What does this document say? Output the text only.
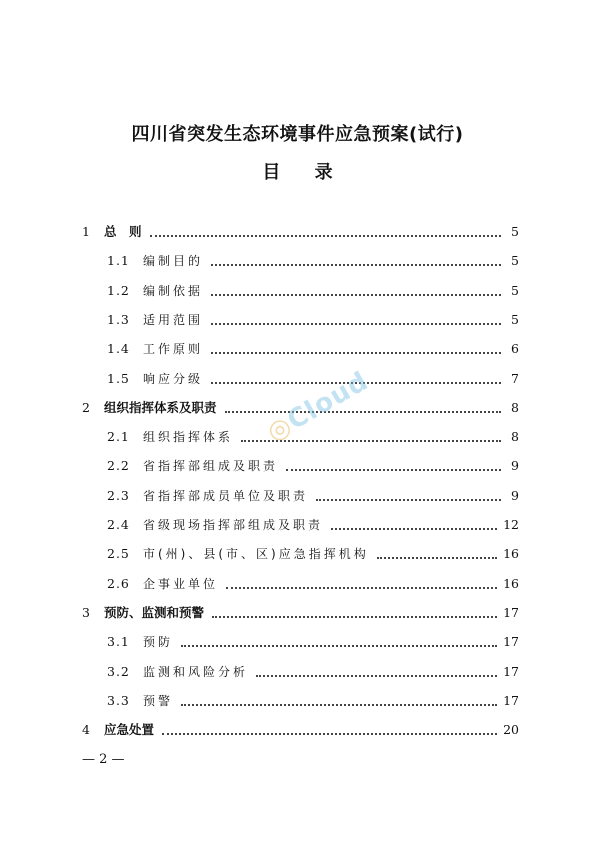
四川省突发生态环境事件应急预案(试行)
目 录
1	总　则	5
1.1	编制目的	5
1.2	编制依据	5
1.3	适用范围	5
1.4	工作原则	6
1.5	响应分级	7
2	组织指挥体系及职责	8
2.1	组织指挥体系	8
2.2	省指挥部组成及职责	9
2.3	省指挥部成员单位及职责	9
2.4	省级现场指挥部组成及职责	12
2.5	市(州)、县(市、区)应急指挥机构	16
2.6	企事业单位	16
3	预防、监测和预警	17
3.1	预防	17
3.2	监测和风险分析	17
3.3	预警	17
4	应急处置	20
◎Cloud
— 2 —
